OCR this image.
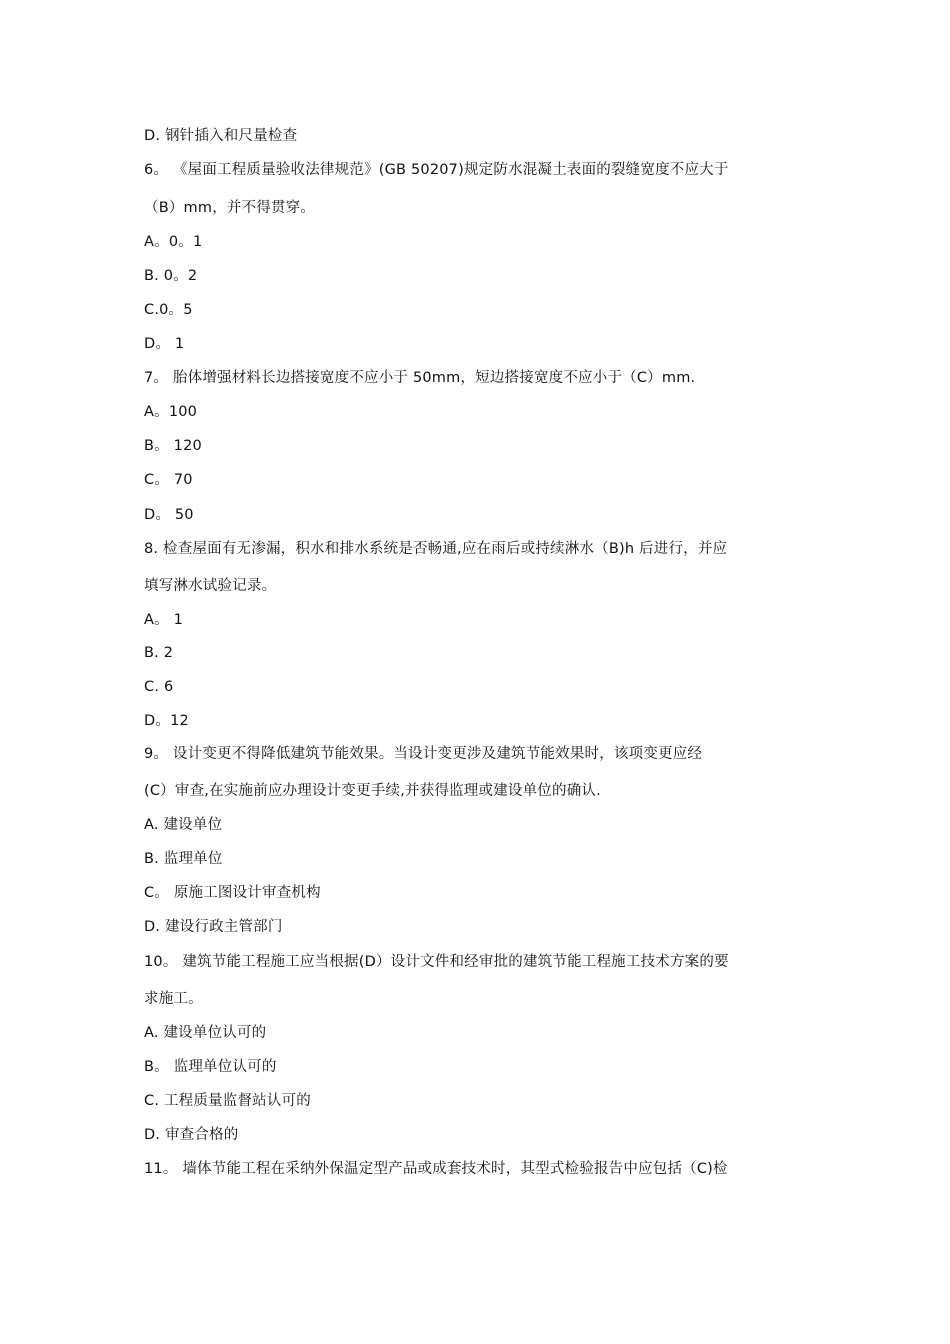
D. 钢针插入和尺量检查
6。 《屋面工程质量验收法律规范》(GB 50207)规定防水混凝土表面的裂缝宽度不应大于
（B）mm，并不得贯穿。
A。0。1
B. 0。2
C.0。5
D。 1
7。 胎体增强材料长边搭接宽度不应小于 50mm，短边搭接宽度不应小于（C）mm.
A。100
B。 120
C。 70
D。 50
8. 检查屋面有无渗漏，积水和排水系统是否畅通,应在雨后或持续淋水（B)h 后进行，并应
填写淋水试验记录。
A。 1
B. 2
C. 6
D。12
9。 设计变更不得降低建筑节能效果。当设计变更涉及建筑节能效果时，该项变更应经
(C）审查,在实施前应办理设计变更手续,并获得监理或建设单位的确认.
A. 建设单位
B. 监理单位
C。 原施工图设计审查机构
D. 建设行政主管部门
10。 建筑节能工程施工应当根据(D）设计文件和经审批的建筑节能工程施工技术方案的要
求施工。
A. 建设单位认可的
B。 监理单位认可的
C. 工程质量监督站认可的
D. 审查合格的
11。 墙体节能工程在采纳外保温定型产品或成套技术时，其型式检验报告中应包括（C)检
